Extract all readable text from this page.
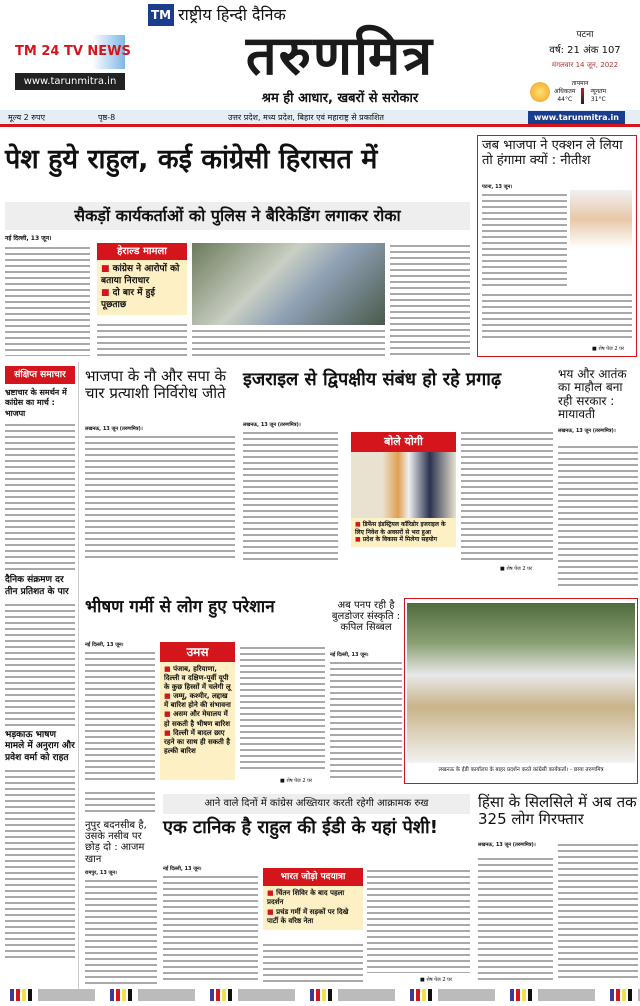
TM 24 TV NEWS
www.tarunmitra.in
TM राष्ट्रीय हिन्दी दैनिक
तरुणमित्र
श्रम ही आधार, खबरों से सरोकार
पटना
वर्ष: 21 अंक 107
मंगलवार 14 जून, 2022
तापमान
अधिकतम
44°C
न्यूनतम
31°C
मूल्य 2 रुपए	पृष्ठ-8	उत्तर प्रदेश, मध्य प्रदेश, बिहार एवं महाराष्ट्र से प्रकाशित	www.tarunmitra.in
पेश हुये राहुल, कई कांग्रेसी हिरासत में
सैकड़ों कार्यकर्ताओं को पुलिस ने बैरिकेडिंग लगाकर रोका
नई दिल्ली, 13 जून।
हेराल्ड मामला
■ कांग्रेस ने आरोपों को बताया निराधार
■ दो बार में हुई पूछताछ
जब भाजपा ने एक्शन ले लिया तो हंगामा क्यों : नीतीश
पटना, 13 जून।
■ शेष पेज 2 पर
संक्षिप्त समाचार
भ्रष्टाचार के समर्थन में कांग्रेस का मार्च : भाजपा
दैनिक संक्रमण दर तीन प्रतिशत के पार
भड़काऊ भाषण मामले में अनुराग और प्रवेश वर्मा को राहत
भाजपा के नौ और सपा के चार प्रत्याशी निर्विरोध जीते
लखनऊ, 13 जून (तरुणमित्र)।
इजराइल से द्विपक्षीय संबंध हो रहे प्रगाढ़
लखनऊ, 13 जून (तरुणमित्र)।
बोले योगी
■ डिफेंस इंडस्ट्रियल कॉरिडोर इजराइल के लिए निवेश के अवसरों से भरा हुआ
■ प्रदेश के विकास में मिलेगा सहयोग
■ शेष पेज 2 पर
भय और आतंक का माहौल बना रही सरकार : मायावती
लखनऊ, 13 जून (तरुणमित्र)।
भीषण गर्मी से लोग हुए परेशान
नई दिल्ली, 13 जून।	उमस
■ पंजाब, हरियाणा, दिल्ली व दक्षिण-पूर्वी यूपी के कुछ हिस्सों में चलेगी लू
■ जम्मू, कश्मीर, लद्दाख में बारिश होने की संभावना
■ असम और मेघालय में हो सकती है भीषण बारिश
■ दिल्ली में बादल छाए रहने का साथ ही सकती है हल्की बारिश
■ शेष पेज 2 पर
अब पनप रही है बुलडोजर संस्कृति : कपिल सिब्बल
नई दिल्ली, 13 जून।
लखनऊ के ईडी कार्यालय के बाहर प्रदर्शन करते कांग्रेसी कार्यकर्ता। - छाया तरुणमित्र
नुपुर बदनसीब है, उसके नसीब पर छोड़ दो : आजम खान
रामपुर, 13 जून।
आने वाले दिनों में कांग्रेस अख्तियार करती रहेगी आक्रामक रुख
एक टानिक है राहुल की ईडी के यहां पेशी!
नई दिल्ली, 13 जून।
भारत जोड़ो पदयात्रा
■ चिंतन शिविर के बाद पहला प्रदर्शन
■ प्रचंड गर्मी में सड़कों पर दिखे पार्टी के वरिष्ठ नेता
■ शेष पेज 2 पर
हिंसा के सिलसिले में अब तक 325 लोग गिरफ्तार
लखनऊ, 13 जून (तरुणमित्र)।
